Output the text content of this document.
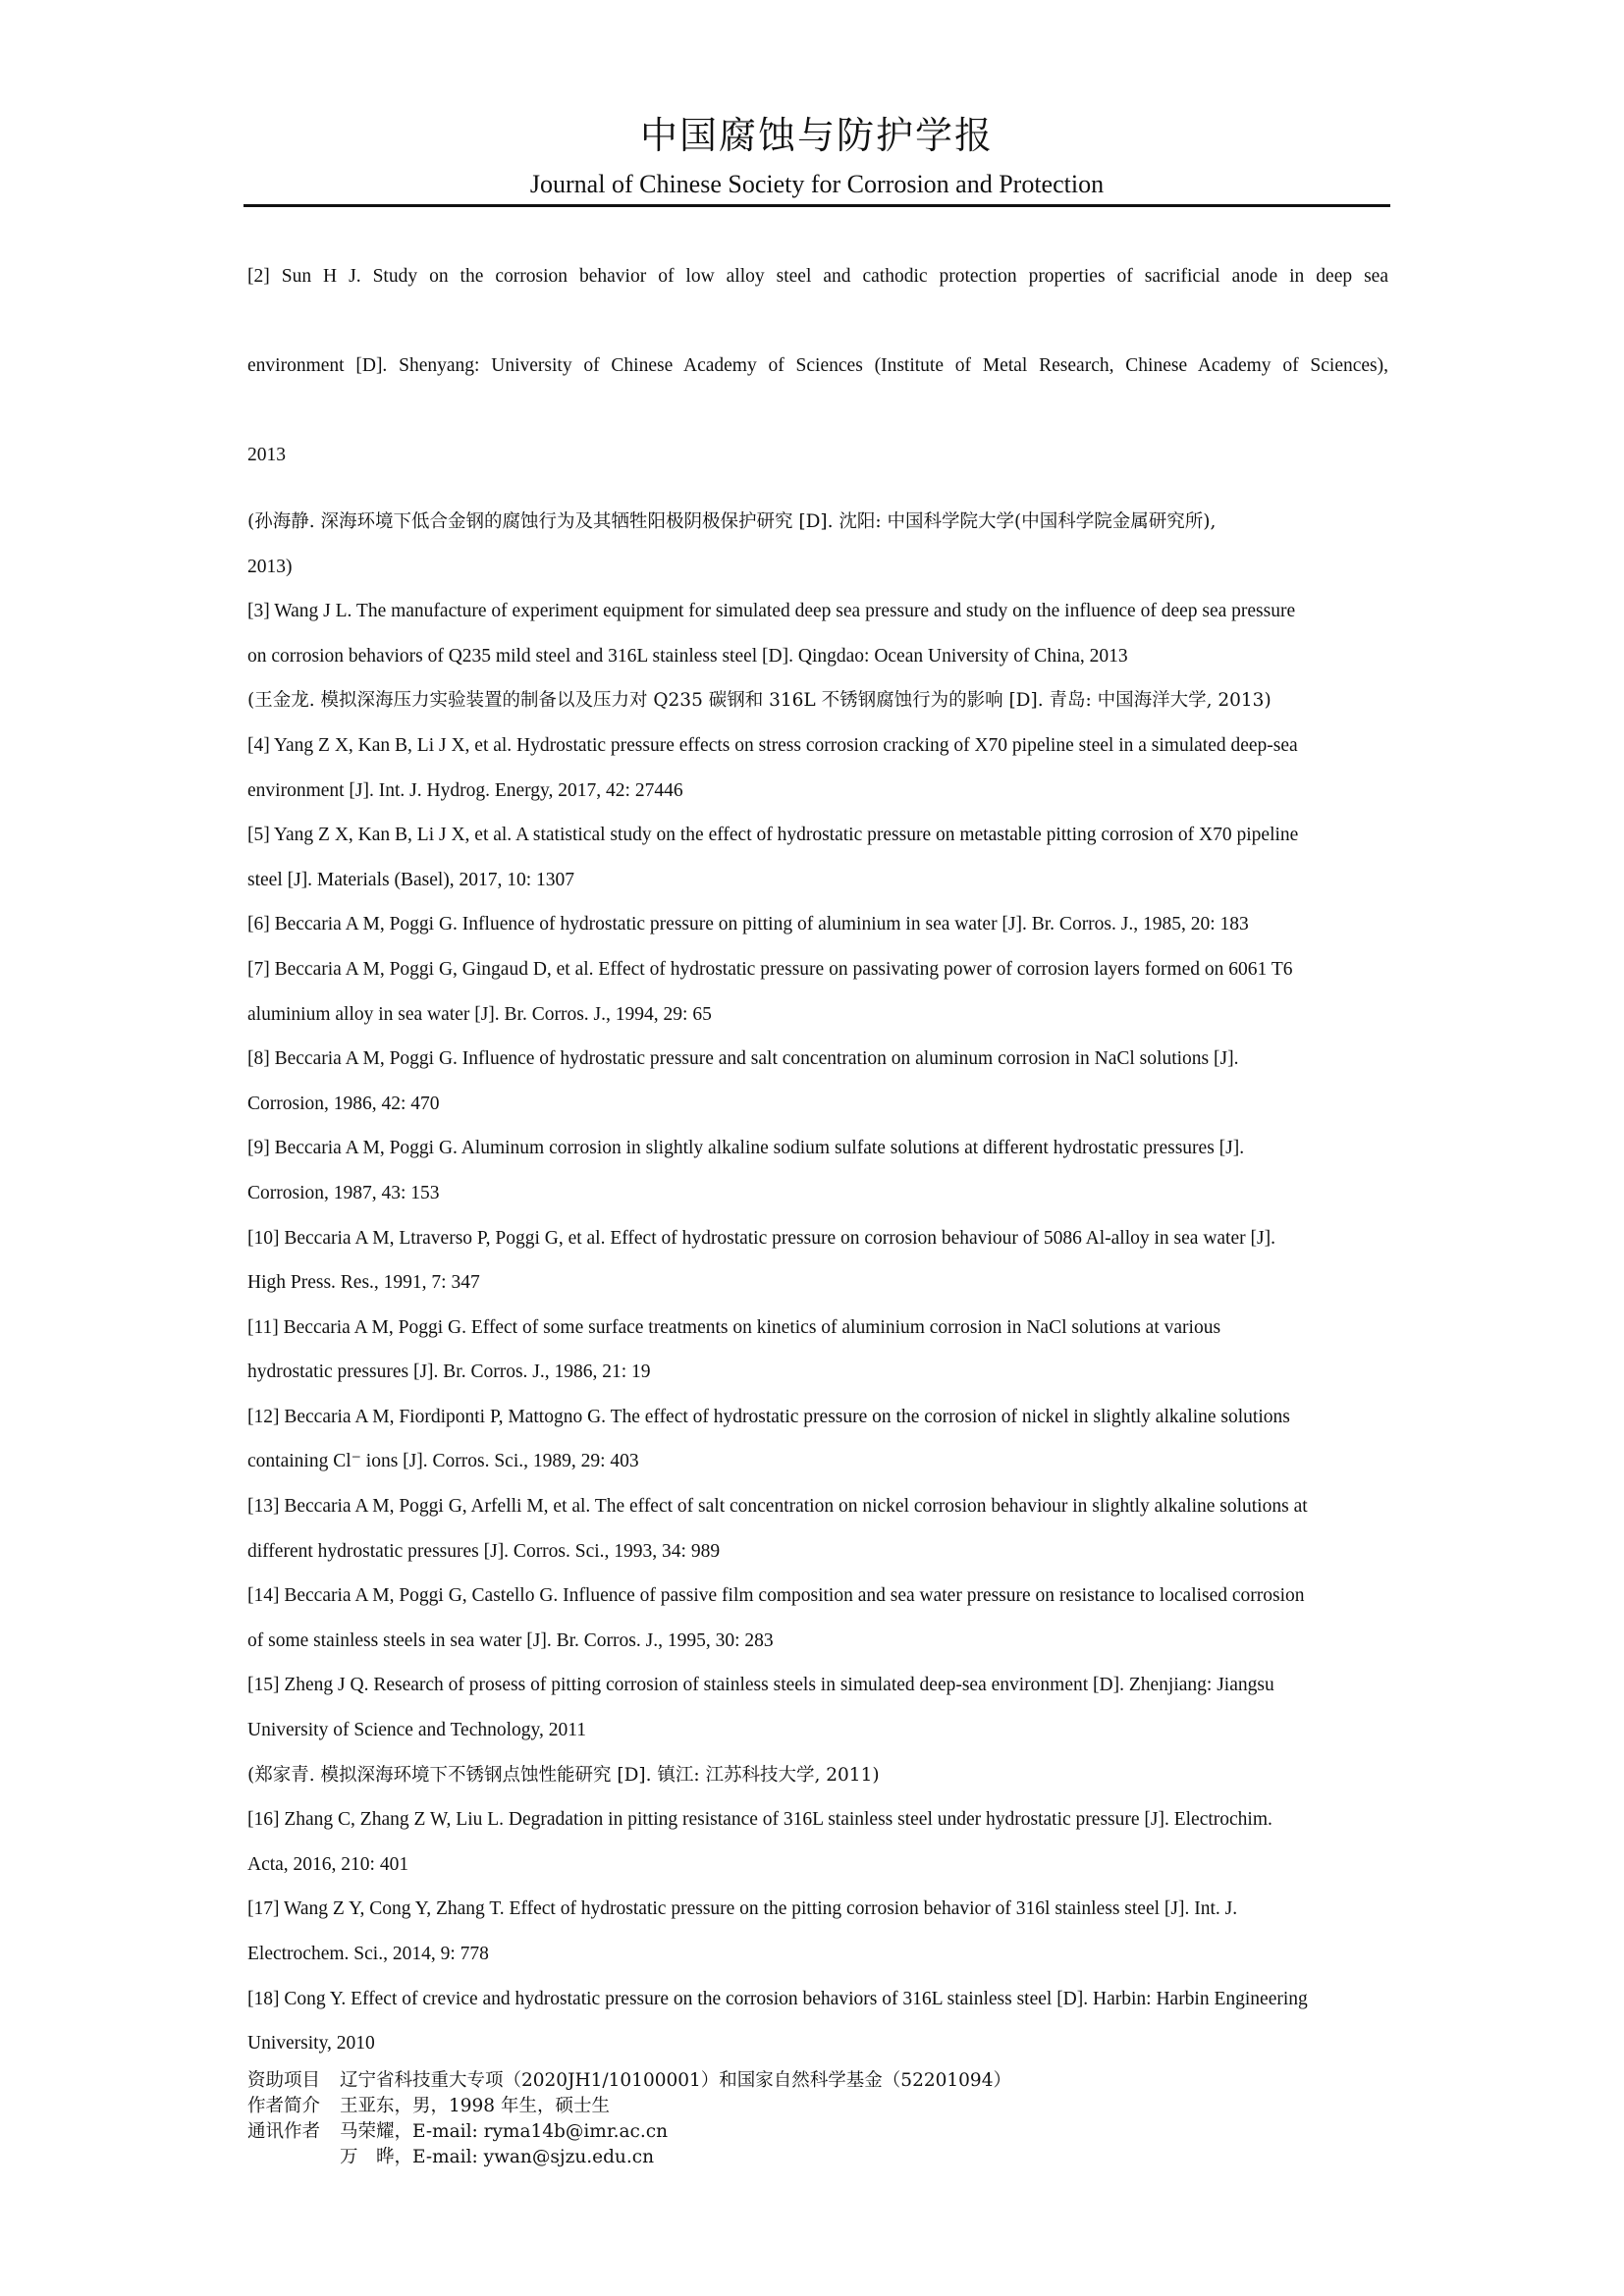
中国腐蚀与防护学报
Journal of Chinese Society for Corrosion and Protection
[2] Sun H J. Study on the corrosion behavior of low alloy steel and cathodic protection properties of sacrificial anode in deep sea
environment [D]. Shenyang: University of Chinese Academy of Sciences (Institute of Metal Research, Chinese Academy of Sciences),
2013
(孙海静. 深海环境下低合金钢的腐蚀行为及其牺牲阳极阴极保护研究 [D]. 沈阳: 中国科学院大学(中国科学院金属研究所),
2013)
[3] Wang J L. The manufacture of experiment equipment for simulated deep sea pressure and study on the influence of deep sea pressure
on corrosion behaviors of Q235 mild steel and 316L stainless steel [D]. Qingdao: Ocean University of China, 2013
(王金龙. 模拟深海压力实验装置的制备以及压力对 Q235 碳钢和 316L 不锈钢腐蚀行为的影响 [D]. 青岛: 中国海洋大学, 2013)
[4] Yang Z X, Kan B, Li J X, et al. Hydrostatic pressure effects on stress corrosion cracking of X70 pipeline steel in a simulated deep-sea
environment [J]. Int. J. Hydrog. Energy, 2017, 42: 27446
[5] Yang Z X, Kan B, Li J X, et al. A statistical study on the effect of hydrostatic pressure on metastable pitting corrosion of X70 pipeline
steel [J]. Materials (Basel), 2017, 10: 1307
[6] Beccaria A M, Poggi G. Influence of hydrostatic pressure on pitting of aluminium in sea water [J]. Br. Corros. J., 1985, 20: 183
[7] Beccaria A M, Poggi G, Gingaud D, et al. Effect of hydrostatic pressure on passivating power of corrosion layers formed on 6061 T6
aluminium alloy in sea water [J]. Br. Corros. J., 1994, 29: 65
[8] Beccaria A M, Poggi G. Influence of hydrostatic pressure and salt concentration on aluminum corrosion in NaCl solutions [J].
Corrosion, 1986, 42: 470
[9] Beccaria A M, Poggi G. Aluminum corrosion in slightly alkaline sodium sulfate solutions at different hydrostatic pressures [J].
Corrosion, 1987, 43: 153
[10] Beccaria A M, Ltraverso P, Poggi G, et al. Effect of hydrostatic pressure on corrosion behaviour of 5086 Al-alloy in sea water [J].
High Press. Res., 1991, 7: 347
[11] Beccaria A M, Poggi G. Effect of some surface treatments on kinetics of aluminium corrosion in NaCl solutions at various
hydrostatic pressures [J]. Br. Corros. J., 1986, 21: 19
[12] Beccaria A M, Fiordiponti P, Mattogno G. The effect of hydrostatic pressure on the corrosion of nickel in slightly alkaline solutions
containing Cl⁻ ions [J]. Corros. Sci., 1989, 29: 403
[13] Beccaria A M, Poggi G, Arfelli M, et al. The effect of salt concentration on nickel corrosion behaviour in slightly alkaline solutions at
different hydrostatic pressures [J]. Corros. Sci., 1993, 34: 989
[14] Beccaria A M, Poggi G, Castello G. Influence of passive film composition and sea water pressure on resistance to localised corrosion
of some stainless steels in sea water [J]. Br. Corros. J., 1995, 30: 283
[15] Zheng J Q. Research of prosess of pitting corrosion of stainless steels in simulated deep-sea environment [D]. Zhenjiang: Jiangsu
University of Science and Technology, 2011
(郑家青. 模拟深海环境下不锈钢点蚀性能研究 [D]. 镇江: 江苏科技大学, 2011)
[16] Zhang C, Zhang Z W, Liu L. Degradation in pitting resistance of 316L stainless steel under hydrostatic pressure [J]. Electrochim.
Acta, 2016, 210: 401
[17] Wang Z Y, Cong Y, Zhang T. Effect of hydrostatic pressure on the pitting corrosion behavior of 316l stainless steel [J]. Int. J.
Electrochem. Sci., 2014, 9: 778
[18] Cong Y. Effect of crevice and hydrostatic pressure on the corrosion behaviors of 316L stainless steel [D]. Harbin: Harbin Engineering
University, 2010
资助项目	辽宁省科技重大专项（2020JH1/10100001）和国家自然科学基金（52201094）
作者简介	王亚东，男，1998 年生，硕士生
通讯作者	马荣耀，E-mail: ryma14b@imr.ac.cn
万　晔，E-mail: ywan@sjzu.edu.cn
